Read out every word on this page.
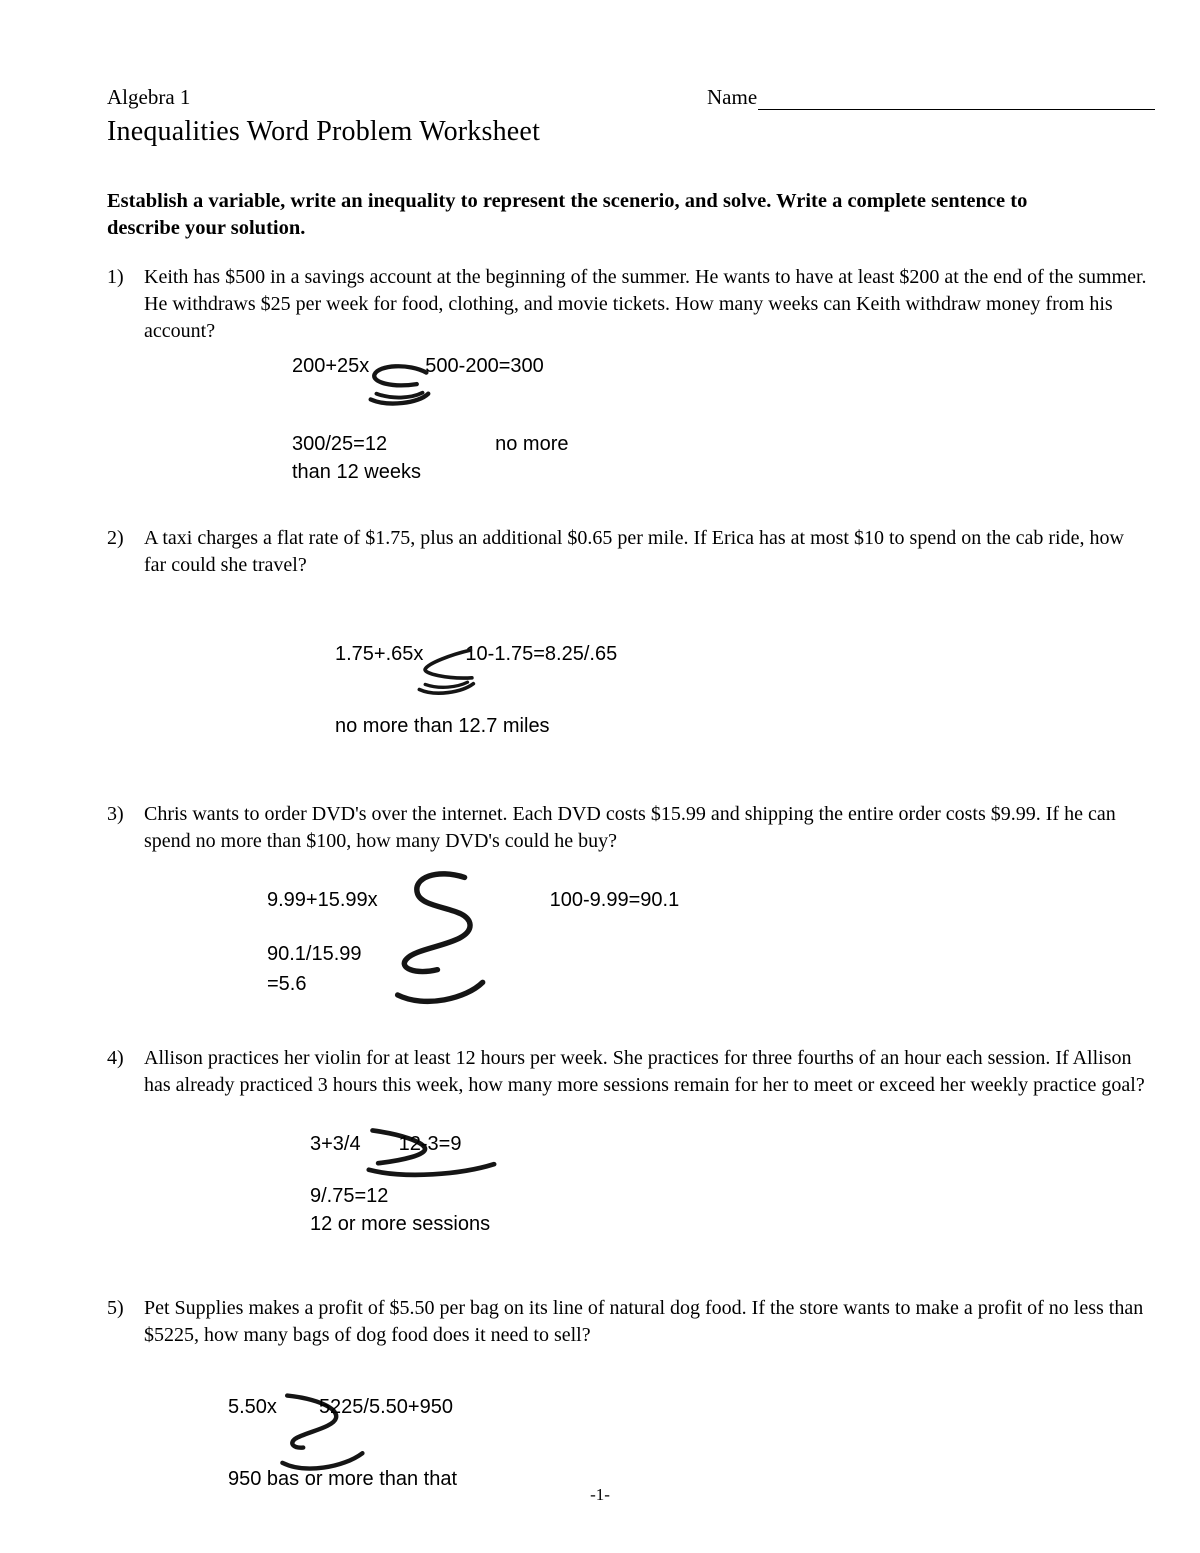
Algebra 1	Name
Inequalities Word Problem Worksheet
Establish a variable, write an inequality to represent the scenerio, and solve. Write a complete sentence to describe your solution.
1)	Keith has $500 in a savings account at the beginning of the summer. He wants to have at least $200 at the end of the summer. He withdraws $25 per week for food, clothing, and movie tickets. How many weeks can Keith withdraw money from his account?
200+25x	500-200=300
300/25=12	no more
than 12 weeks
2)	A taxi charges a flat rate of $1.75, plus an additional $0.65 per mile. If Erica has at most $10 to spend on the cab ride, how far could she travel?
1.75+.65x 10-1.75=8.25/.65
no more than 12.7 miles
3)	Chris wants to order DVD's over the internet. Each DVD costs $15.99 and shipping the entire order costs $9.99. If he can spend no more than $100, how many DVD's could he buy?
9.99+15.99x	100-9.99=90.1
90.1/15.99
=5.6
4)	Allison practices her violin for at least 12 hours per week. She practices for three fourths of an hour each session. If Allison has already practiced 3 hours this week, how many more sessions remain for her to meet or exceed her weekly practice goal?
3+3/4 12-3=9
9/.75=12
12 or more sessions
5)	Pet Supplies makes a profit of $5.50 per bag on its line of natural dog food. If the store wants to make a profit of no less than $5225, how many bags of dog food does it need to sell?
5.50x 5225/5.50+950
950 bas or more than that
-1-
